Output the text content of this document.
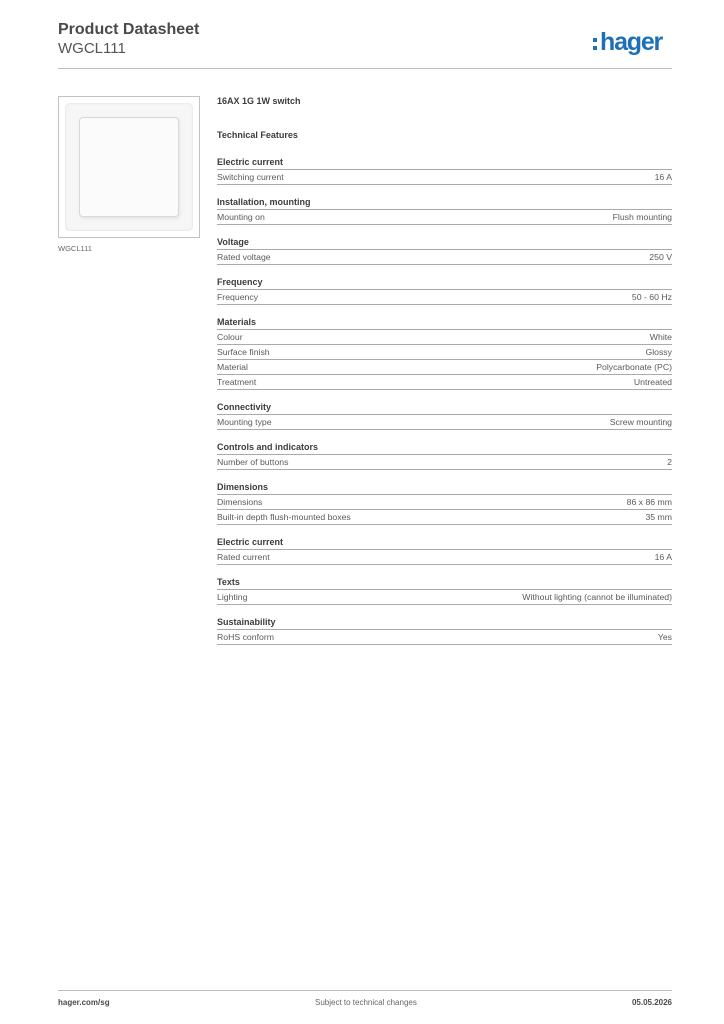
Product Datasheet
WGCL111	hager
WGCL111
16AX 1G 1W switch
Technical Features
Electric current
Switching current	16 A
Installation, mounting
Mounting on	Flush mounting
Voltage
Rated voltage	250 V
Frequency
Frequency	50 - 60 Hz
Materials
Colour	White
Surface finish	Glossy
Material	Polycarbonate (PC)
Treatment	Untreated
Connectivity
Mounting type	Screw mounting
Controls and indicators
Number of buttons	2
Dimensions
Dimensions	86 x 86 mm
Built-in depth flush-mounted boxes	35 mm
Electric current
Rated current	16 A
Texts
Lighting	Without lighting (cannot be illuminated)
Sustainability
RoHS conform	Yes
hager.com/sg	Subject to technical changes	05.05.2026
